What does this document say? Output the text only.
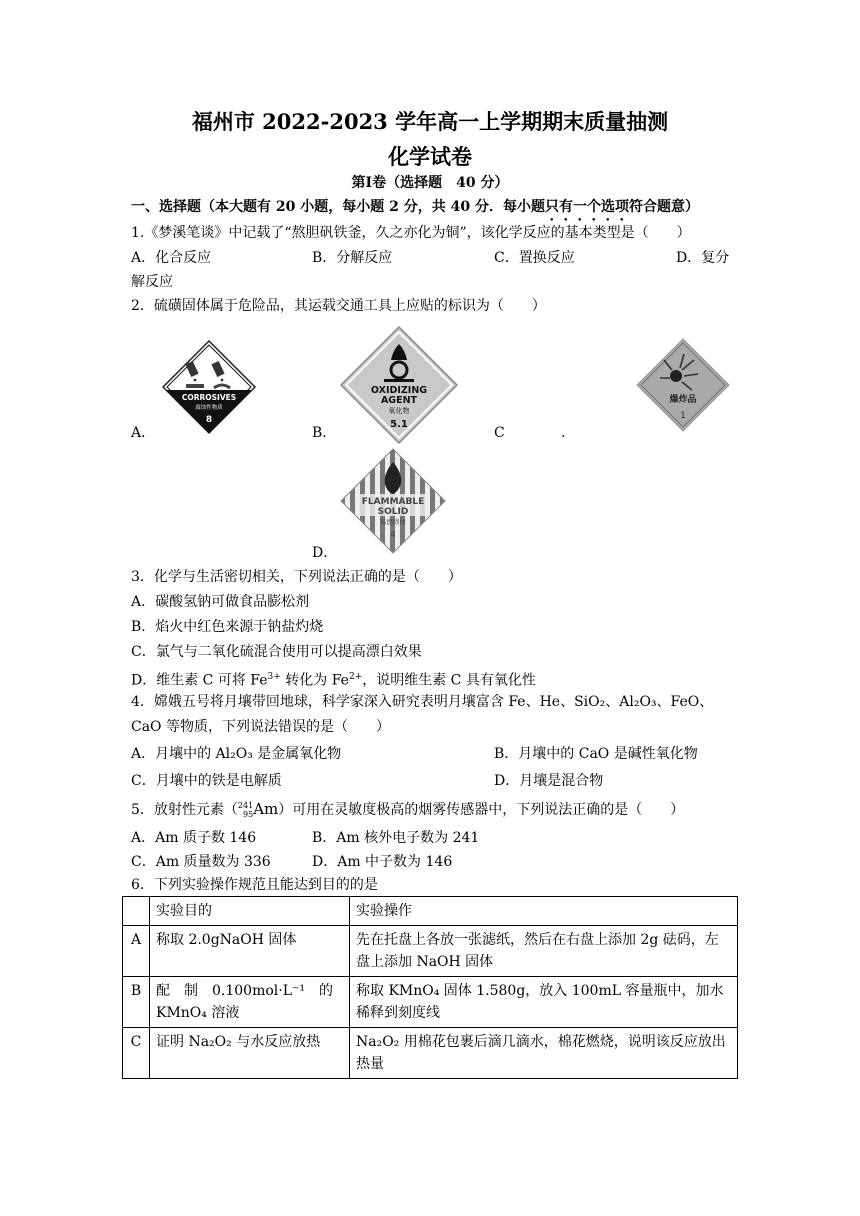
福州市 2022-2023 学年高一上学期期末质量抽测
化学试卷
第Ⅰ卷（选择题　40 分）
一、选择题（本大题有 20 小题，每小题 2 分，共 40 分．每小题只有一个选项符合题意）
1.《梦溪笔谈》中记载了“熬胆矾铁釜，久之亦化为铜”，该化学反应的基本类型是（　　）
A．化合反应	B．分解反应	C．置换反应	D．复分
解反应
2．硫磺固体属于危险品，其运载交通工具上应贴的标识为（　　）
CORROSIVES
腐蚀性物质
8
A．
OXIDIZING
AGENT
氧化物
5.1
B．
爆炸品
1
C	.
FLAMMABLE
SOLID
易燃固体
4
D．
3．化学与生活密切相关，下列说法正确的是（　　）
A．碳酸氢钠可做食品膨松剂
B．焰火中红色来源于钠盐灼烧
C．氯气与二氧化硫混合使用可以提高漂白效果
D．维生素 C 可将 $Fe^{3+}$ 转化为 $Fe^{2+}$，说明维生素 C 具有氧化性
4．嫦娥五号将月壤带回地球，科学家深入研究表明月壤富含 Fe、He、SiO₂、Al₂O₃、FeO、
CaO 等物质，下列说法错误的是（　　）
A．月壤中的 Al₂O₃ 是金属氧化物	B．月壤中的 CaO 是碱性氧化物
C．月壤中的铁是电解质	D．月壤是混合物
5．放射性元素（ 241
95 Am）可用在灵敏度极高的烟雾传感器中，下列说法正确的是（　　）
A．Am 质子数 146	B．Am 核外电子数为 241
C．Am 质量数为 336	D．Am 中子数为 146
6．下列实验操作规范且能达到目的的是
	实验目的	实验操作
A	称取 2.0gNaOH 固体	先在托盘上各放一张滤纸，然后在右盘上添加 2g 砝码，左盘上添加 NaOH 固体
B	配　制　0.100mol·L⁻¹　的 KMnO₄ 溶液	称取 KMnO₄ 固体 1.580g，放入 100mL 容量瓶中，加水稀释到刻度线
C	证明 Na₂O₂ 与水反应放热	Na₂O₂ 用棉花包裹后滴几滴水，棉花燃烧，说明该反应放出热量
